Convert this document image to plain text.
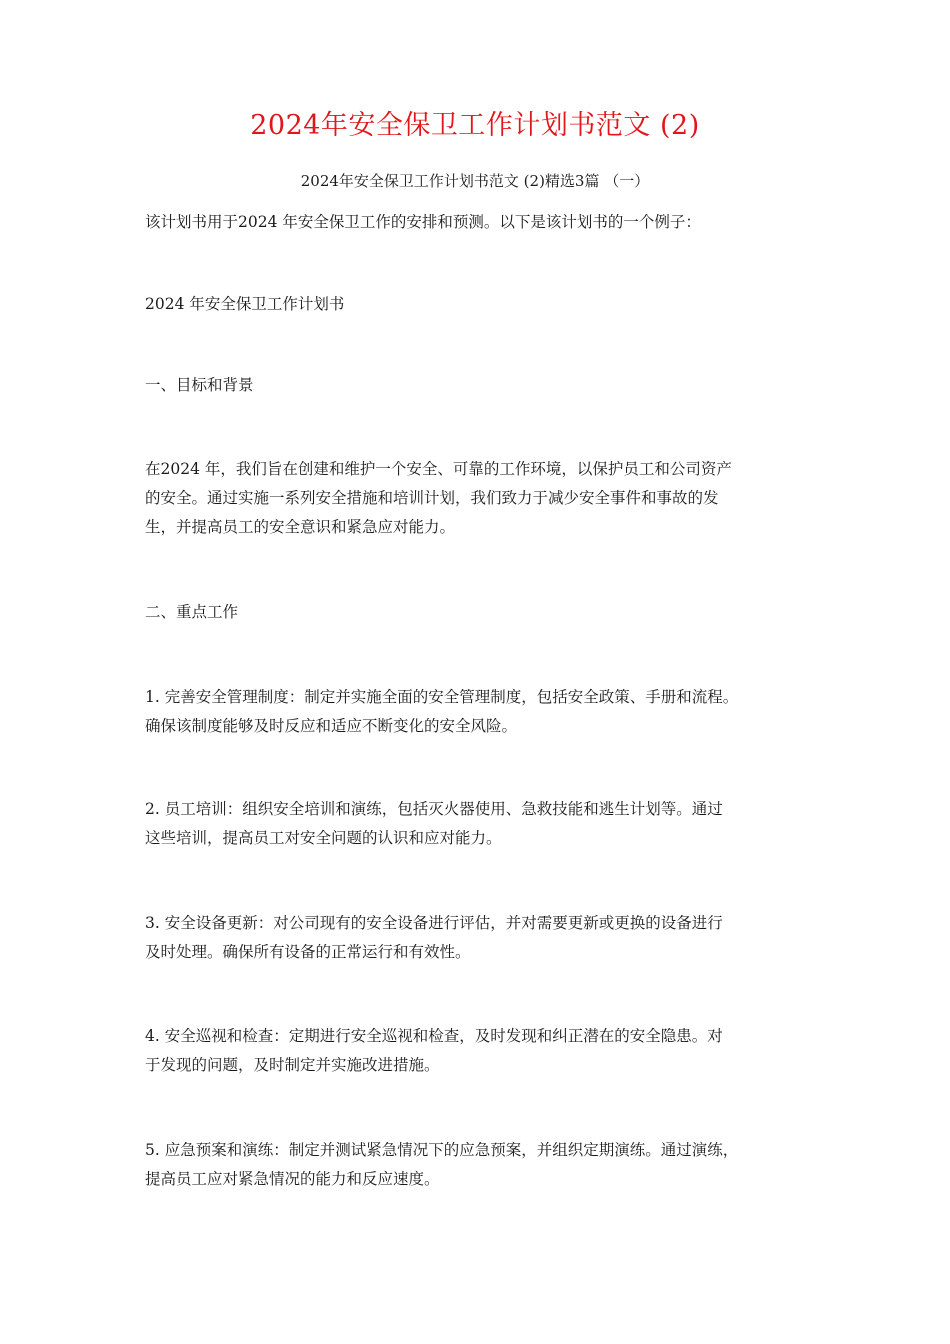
2024年安全保卫工作计划书范文 (2)
2024年安全保卫工作计划书范文 (2)精选3篇 （一）
该计划书用于2024 年安全保卫工作的安排和预测。以下是该计划书的一个例子：
2024 年安全保卫工作计划书
一、目标和背景
在2024 年，我们旨在创建和维护一个安全、可靠的工作环境，以保护员工和公司资产
的安全。通过实施一系列安全措施和培训计划，我们致力于减少安全事件和事故的发
生，并提高员工的安全意识和紧急应对能力。
二、重点工作
1. 完善安全管理制度：制定并实施全面的安全管理制度，包括安全政策、手册和流程。
确保该制度能够及时反应和适应不断变化的安全风险。
2. 员工培训：组织安全培训和演练，包括灭火器使用、急救技能和逃生计划等。通过
这些培训，提高员工对安全问题的认识和应对能力。
3. 安全设备更新：对公司现有的安全设备进行评估，并对需要更新或更换的设备进行
及时处理。确保所有设备的正常运行和有效性。
4. 安全巡视和检查：定期进行安全巡视和检查，及时发现和纠正潜在的安全隐患。对
于发现的问题，及时制定并实施改进措施。
5. 应急预案和演练：制定并测试紧急情况下的应急预案，并组织定期演练。通过演练，
提高员工应对紧急情况的能力和反应速度。
